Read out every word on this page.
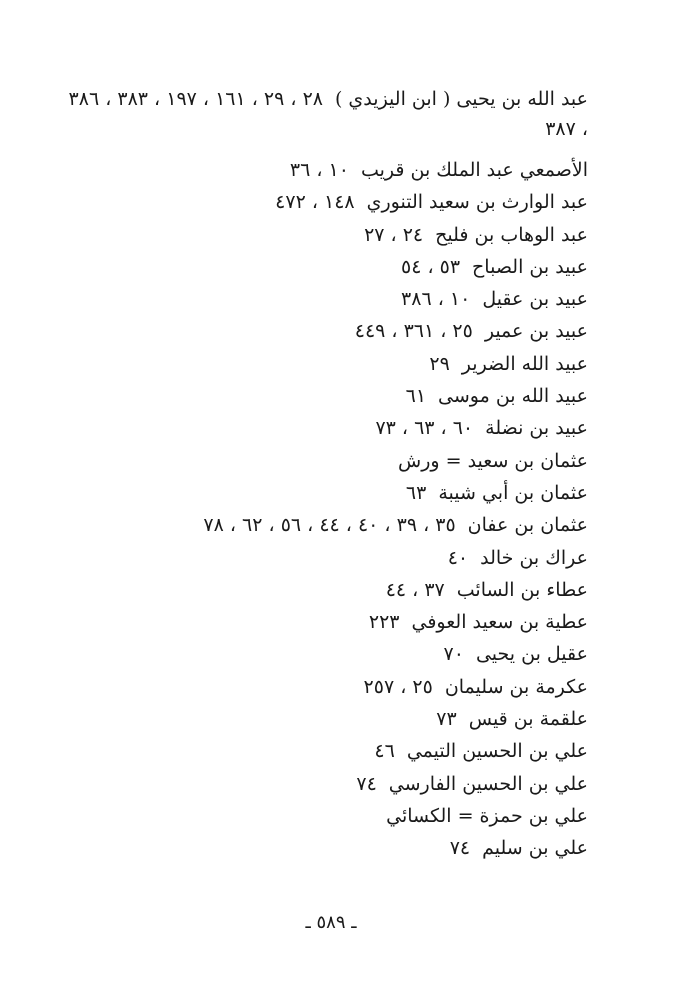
عبد الله بن يحيى ( ابن اليزيدي )٢٨ ، ٢٩ ، ١٦١ ، ١٩٧ ، ٣٨٣ ، ٣٨٦ ، ٣٨٧
الأصمعي عبد الملك بن قريب١٠ ، ٣٦
عبد الوارث بن سعيد التنوري١٤٨ ، ٤٧٢
عبد الوهاب بن فليح٢٤ ، ٢٧
عبيد بن الصباح٥٣ ، ٥٤
عبيد بن عقيل١٠ ، ٣٨٦
عبيد بن عمير٢٥ ، ٣٦١ ، ٤٤٩
عبيد الله الضرير٢٩
عبيد الله بن موسى٦١
عبيد بن نضلة٦٠ ، ٦٣ ، ٧٣
عثمان بن سعيد = ورش
عثمان بن أبي شيبة٦٣
عثمان بن عفان٣٥ ، ٣٩ ، ٤٠ ، ٤٤ ، ٥٦ ، ٦٢ ، ٧٨
عراك بن خالد٤٠
عطاء بن السائب٣٧ ، ٤٤
عطية بن سعيد العوفي٢٢٣
عقيل بن يحيى٧٠
عكرمة بن سليمان٢٥ ، ٢٥٧
علقمة بن قيس٧٣
علي بن الحسين التيمي٤٦
علي بن الحسين الفارسي٧٤
علي بن حمزة = الكسائي
علي بن سليم٧٤
ـ ٥٨٩ ـ
